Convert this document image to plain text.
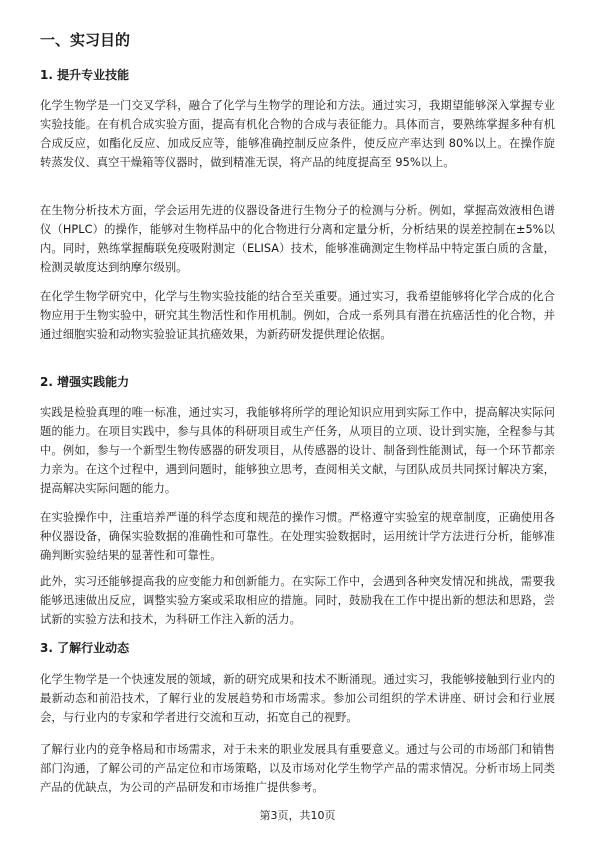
一、实习目的
1. 提升专业技能

化学生物学是一门交叉学科，融合了化学与生物学的理论和方法。通过实习，我期望能够深入掌握专业实验技能。在有机合成实验方面，提高有机化合物的合成与表征能力。具体而言，要熟练掌握多种有机合成反应，如酯化反应、加成反应等，能够准确控制反应条件，使反应产率达到 80%以上。在操作旋转蒸发仪、真空干燥箱等仪器时，做到精准无误，将产品的纯度提高至 95%以上。

在生物分析技术方面，学会运用先进的仪器设备进行生物分子的检测与分析。例如，掌握高效液相色谱仪（HPLC）的操作，能够对生物样品中的化合物进行分离和定量分析，分析结果的误差控制在±5%以内。同时，熟练掌握酶联免疫吸附测定（ELISA）技术，能够准确测定生物样品中特定蛋白质的含量，检测灵敏度达到纳摩尔级别。

在化学生物学研究中，化学与生物实验技能的结合至关重要。通过实习，我希望能够将化学合成的化合物应用于生物实验中，研究其生物活性和作用机制。例如，合成一系列具有潜在抗癌活性的化合物，并通过细胞实验和动物实验验证其抗癌效果，为新药研发提供理论依据。

2. 增强实践能力

实践是检验真理的唯一标准，通过实习，我能够将所学的理论知识应用到实际工作中，提高解决实际问题的能力。在项目实践中，参与具体的科研项目或生产任务，从项目的立项、设计到实施，全程参与其中。例如，参与一个新型生物传感器的研发项目，从传感器的设计、制备到性能测试，每一个环节都亲力亲为。在这个过程中，遇到问题时，能够独立思考，查阅相关文献，与团队成员共同探讨解决方案，提高解决实际问题的能力。

在实验操作中，注重培养严谨的科学态度和规范的操作习惯。严格遵守实验室的规章制度，正确使用各种仪器设备，确保实验数据的准确性和可靠性。在处理实验数据时，运用统计学方法进行分析，能够准确判断实验结果的显著性和可靠性。

此外，实习还能够提高我的应变能力和创新能力。在实际工作中，会遇到各种突发情况和挑战，需要我能够迅速做出反应，调整实验方案或采取相应的措施。同时，鼓励我在工作中提出新的想法和思路，尝试新的实验方法和技术，为科研工作注入新的活力。

3. 了解行业动态

化学生物学是一个快速发展的领域，新的研究成果和技术不断涌现。通过实习，我能够接触到行业内的最新动态和前沿技术，了解行业的发展趋势和市场需求。参加公司组织的学术讲座、研讨会和行业展会，与行业内的专家和学者进行交流和互动，拓宽自己的视野。

了解行业内的竞争格局和市场需求，对于未来的职业发展具有重要意义。通过与公司的市场部门和销售部门沟通，了解公司的产品定位和市场策略，以及市场对化学生物学产品的需求情况。分析市场上同类产品的优缺点，为公司的产品研发和市场推广提供参考。

第3页，共10页
